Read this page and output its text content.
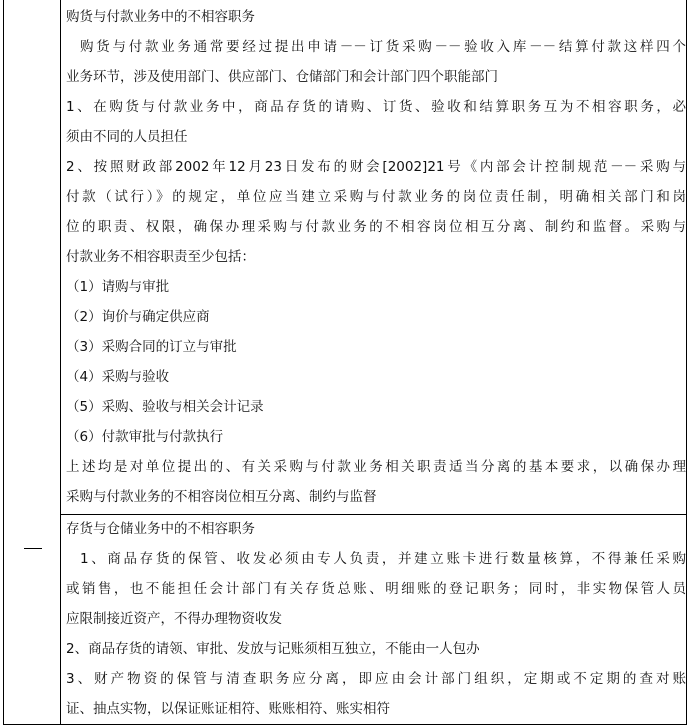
购货与付款业务中的不相容职务
购货与付款业务通常要经过提出申请－－订货采购－－验收入库－－结算付款这样四个
业务环节，涉及使用部门、供应部门、仓储部门和会计部门四个职能部门
1、在购货与付款业务中，商品存货的请购、订货、验收和结算职务互为不相容职务，必
须由不同的人员担任
2、按照财政部2002年12月23日发布的财会[2002]21号《内部会计控制规范－－采购与
付款（试行）》的规定，单位应当建立采购与付款业务的岗位责任制，明确相关部门和岗
位的职责、权限，确保办理采购与付款业务的不相容岗位相互分离、制约和监督。采购与
付款业务不相容职责至少包括：
（1）请购与审批
（2）询价与确定供应商
（3）采购合同的订立与审批
（4）采购与验收
（5）采购、验收与相关会计记录
（6）付款审批与付款执行
上述均是对单位提出的、有关采购与付款业务相关职责适当分离的基本要求，以确保办理
采购与付款业务的不相容岗位相互分离、制约与监督
存货与仓储业务中的不相容职务
1、商品存货的保管、收发必须由专人负责，并建立账卡进行数量核算，不得兼任采购
或销售，也不能担任会计部门有关存货总账、明细账的登记职务；同时，非实物保管人员
应限制接近资产，不得办理物资收发
2、商品存货的请领、审批、发放与记账须相互独立，不能由一人包办
3、财产物资的保管与清查职务应分离，即应由会计部门组织，定期或不定期的查对账
证、抽点实物，以保证账证相符、账账相符、账实相符
